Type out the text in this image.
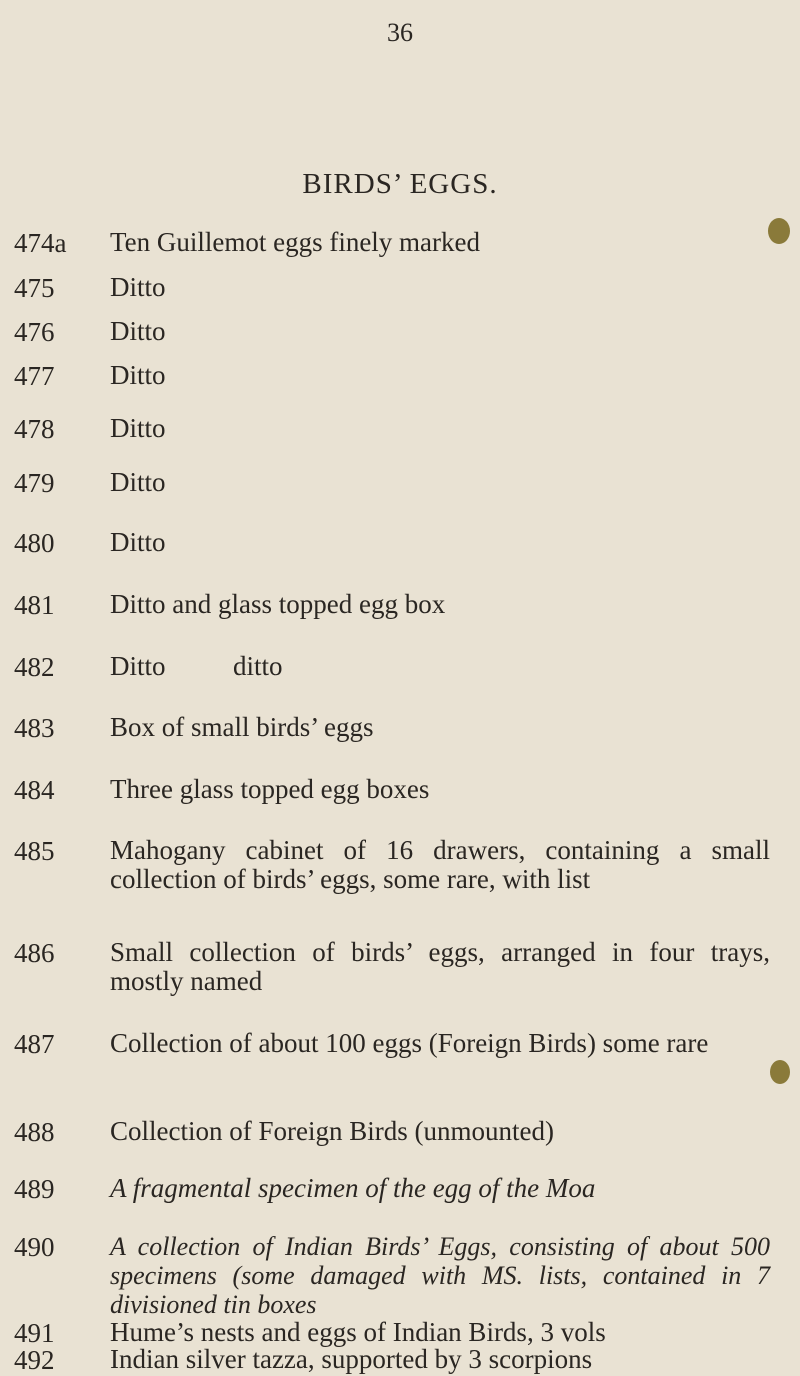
36
BIRDS’ EGGS.
474a Ten Guillemot eggs finely marked
475 Ditto
476 Ditto
477 Ditto
478 Ditto
479 Ditto
480 Ditto
481 Ditto and glass topped egg box
482 Ditto          ditto
483 Box of small birds’ eggs
484 Three glass topped egg boxes
485 Mahogany cabinet of 16 drawers, containing a small collection of birds’ eggs, some rare, with list
486 Small collection of birds’ eggs, arranged in four trays, mostly named
487 Collection of about 100 eggs (Foreign Birds) some rare
488 Collection of Foreign Birds (unmounted)
489 A fragmental specimen of the egg of the Moa
490 A collection of Indian Birds’ Eggs, consisting of about 500 specimens (some damaged with MS. lists, contained in 7 divisioned tin boxes
491 Hume’s nests and eggs of Indian Birds, 3 vols
492 Indian silver tazza, supported by 3 scorpions
